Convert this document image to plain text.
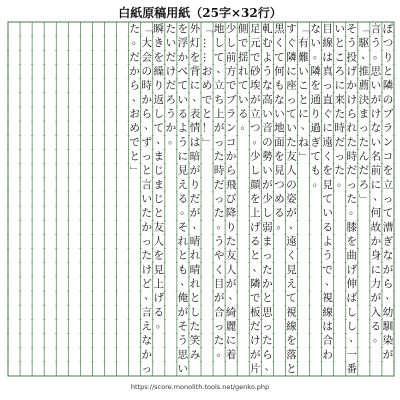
白紙原稿用紙（25字×32行）
ぽ
つ
り
と
隣
の
ブ
ラ
ン
コ
を
立
っ
て
漕
ぎ
な
が
ら
、
幼
馴
染
が
言
う
。
思
い
が
け
な
い
名
前
に
、
何
故
か
身
に
力
が
入
る
。
「
駆
、
推
薦
決
ま
っ
た
ん
だ
ろ
」
そ
う
投
げ
か
け
ら
れ
た
時
だ
っ
た
。
膝
を
曲
げ
伸
ば
し
し
、
一
番
い
と
こ
ろ
に
来
た
時
だ
っ
た
。
目
線
は
真
っ
直
ぐ
に
遠
く
を
見
て
い
る
よ
う
で
、
視
線
は
合
わ
な
い
。
隣
を
通
り
過
ぎ
て
も
。
「
有
難
い
こ
と
に
、
ね
」
す
ぐ
隣
に
座
っ
て
い
た
友
人
の
姿
が
、
遠
く
見
え
て
視
線
を
落
と
黒
く
て
何
も
な
い
地
面
を
見
つ
め
る
。
軋
む
よ
う
な
高
い
音
の
勢
い
が
少
し
弱
ま
っ
た
か
と
思
っ
た
ら
、
足
元
で
砂
埃
が
立
つ
。
少
し
顔
を
上
げ
る
と
、
隣
で
板
だ
け
が
片
側
で
揺
れ
て
い
る
。
少
し
前
方
で
ブ
ラ
ン
コ
か
ら
飛
び
降
り
た
友
人
が
、
綺
麗
に
着
地
し
て
、
立
ち
上
が
っ
た
時
だ
っ
た
。
う
や
く
目
が
合
っ
た
。
「
…
…
お
め
で
と
！
」
外
灯
を
背
に
、
表
情
は
暗
が
り
だ
が
、
晴
れ
晴
れ
と
し
た
笑
み
を
浮
か
べ
て
い
る
よ
う
に
見
え
る
。
そ
れ
と
も
、
俺
が
そ
う
思
い
た
い
だ
け
だ
ろ
う
か
。
瞬
き
を
繰
り
返
し
て
、
ま
じ
ま
じ
と
友
人
を
見
上
げ
る
。
「
大
会
の
時
か
ら
、
ず
っ
と
言
い
た
か
っ
た
け
ど
、
言
え
な
か
っ
た
。
だ
か
ら
、
お
め
で
と
」
https://score.monolith.tools.net/genko.php
